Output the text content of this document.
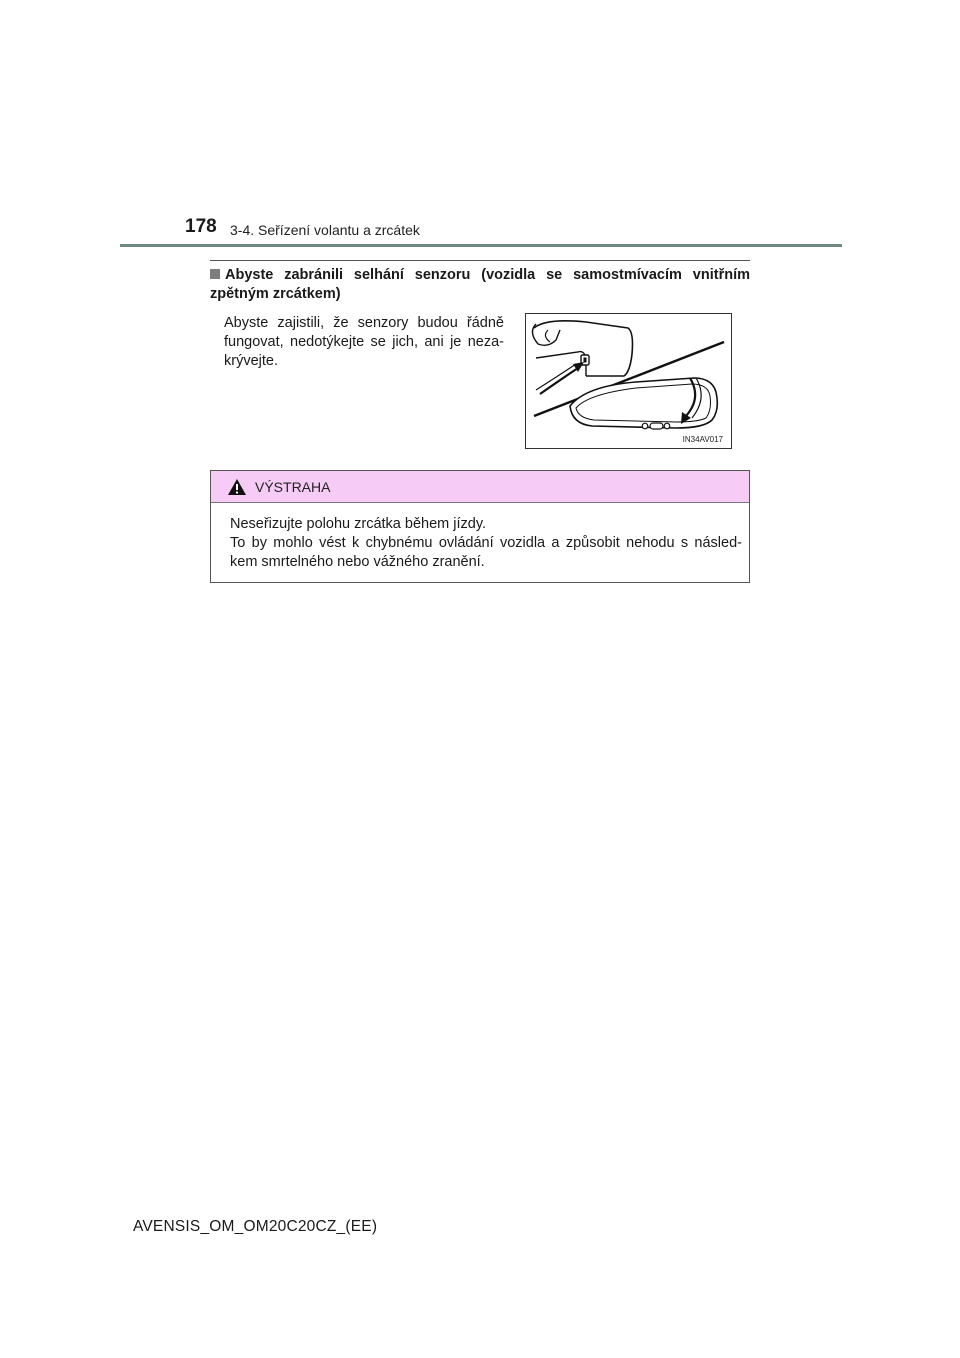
178 3-4. Seřízení volantu a zrcátek
Abyste zabránili selhání senzoru (vozidla se samostmívacím vnitřním zpětným zrcátkem)
Abyste zajistili, že senzory budou řádně
fungovat, nedotýkejte se jich, ani je neza-
krývejte.
IN34AV017
VÝSTRAHA
Neseřizujte polohu zrcátka během jízdy.
To by mohlo vést k chybnému ovládání vozidla a způsobit nehodu s násled-
kem smrtelného nebo vážného zranění.
AVENSIS_OM_OM20C20CZ_(EE)
